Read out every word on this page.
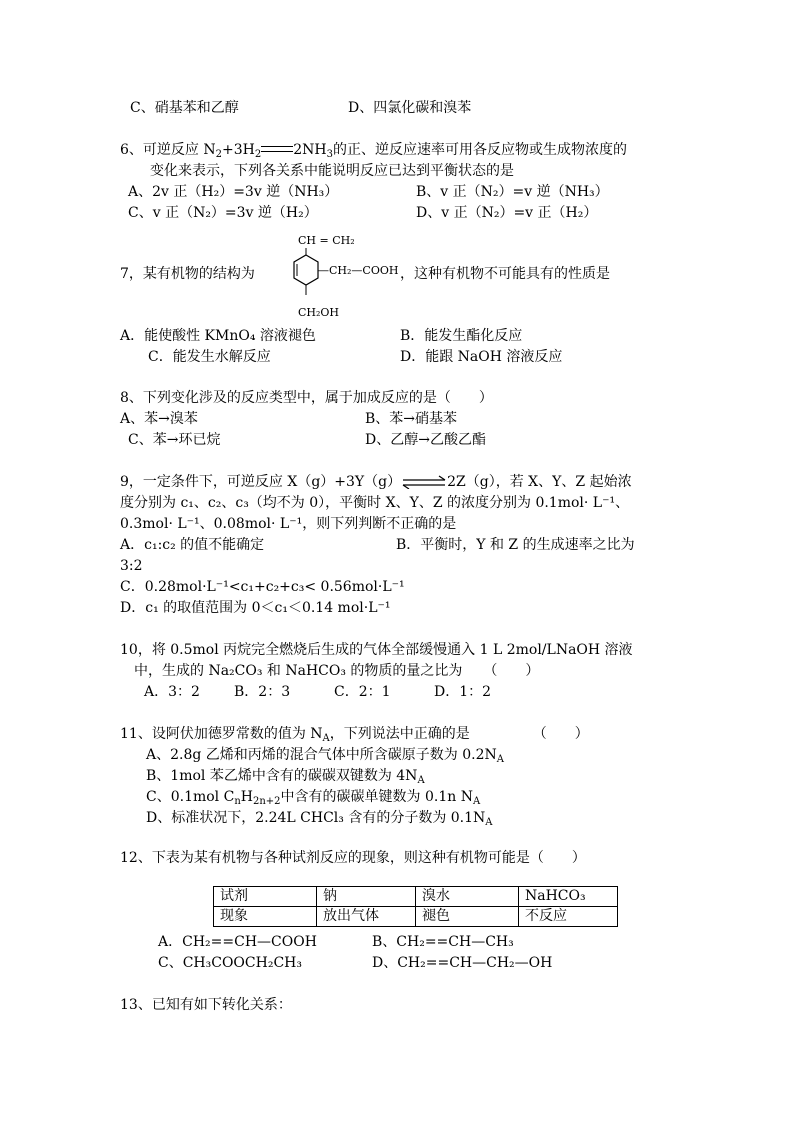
C、硝基苯和乙醇	D、四氯化碳和溴苯
6、可逆反应 $N_2+3H_2$ $2NH_3$的正、逆反应速率可用各反应物或生成物浓度的
变化来表示，下列各关系中能说明反应已达到平衡状态的是
A、2v 正（H₂）=3v 逆（NH₃）	B、v 正（N₂）=v 逆（NH₃）
C、v 正（N₂）=3v 逆（H₂）	D、v 正（N₂）=v 正（H₂）
7，某有机物的结构为
CH = CH₂
—CH₂—COOH
CH₂OH
，这种有机物不可能具有的性质是
A．能使酸性 KMnO₄ 溶液褪色	B．能发生酯化反应
C．能发生水解反应	D．能跟 NaOH 溶液反应
8、下列变化涉及的反应类型中，属于加成反应的是（　　）
A、苯→溴苯	B、苯→硝基苯
C、苯→环已烷	D、乙醇→乙酸乙酯
9，一定条件下，可逆反应 X（g）+3Y（g）⇌2Z（g），若 X、Y、Z 起始浓
度分别为 c₁、c₂、c₃（均不为 0），平衡时 X、Y、Z 的浓度分别为 0.1mol· L⁻¹、
0.3mol· L⁻¹、0.08mol· L⁻¹，则下列判断不正确的是
A．c₁:c₂ 的值不能确定	B．平衡时，Y 和 Z 的生成速率之比为
3:2
C．0.28mol·L⁻¹<c₁+c₂+c₃< 0.56mol·L⁻¹
D．c₁ 的取值范围为 0＜c₁＜0.14 mol·L⁻¹
10，将 0.5mol 丙烷完全燃烧后生成的气体全部缓慢通入 1 L 2mol/LNaOH 溶液
中，生成的 Na₂CO₃ 和 NaHCO₃ 的物质的量之比为　　（　　）
A．3：2 B．2：3	C．2：1	D．1：2
11、设阿伏加德罗常数的值为 $N_A$，下列说法中正确的是　　　　　（　　）
A、2.8g 乙烯和丙烯的混合气体中所含碳原子数为 $0.2N_A$
B、1mol 苯乙烯中含有的碳碳双键数为 $4N_A$
C、0.1mol $C_nH_{2n+2}$中含有的碳碳单键数为 0.1n $N_A$
D、标准状况下，2.24L CHCl₃ 含有的分子数为 $0.1N_A$
12、下表为某有机物与各种试剂反应的现象，则这种有机物可能是（　　）
试剂	钠	溴水	NaHCO₃
现象	放出气体	褪色	不反应
A．CH₂==CH—COOH	B、CH₂==CH—CH₃
C、CH₃COOCH₂CH₃	D、CH₂==CH—CH₂—OH
13、已知有如下转化关系：
